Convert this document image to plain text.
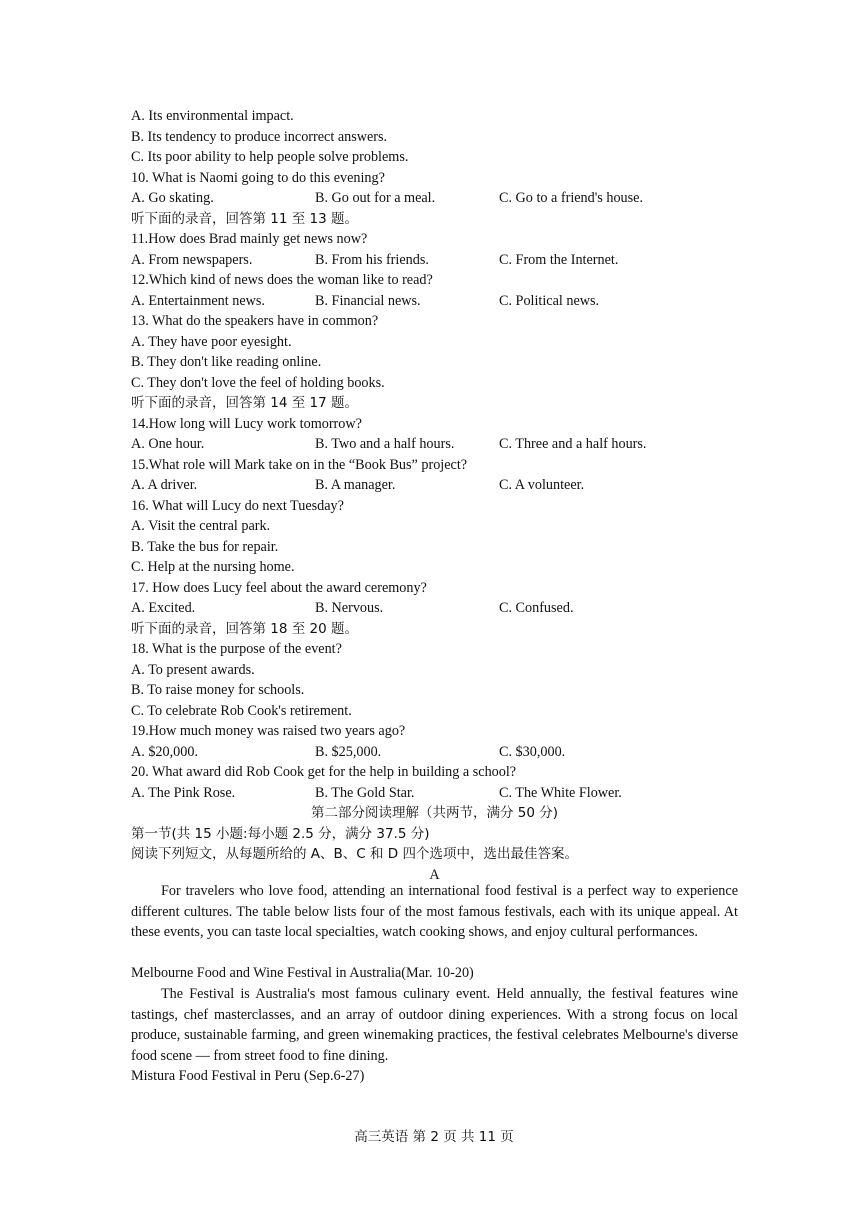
A. Its environmental impact.
B. Its tendency to produce incorrect answers.
C. Its poor ability to help people solve problems.
10. What is Naomi going to do this evening?
A. Go skating.	B. Go out for a meal.	C. Go to a friend's house.
听下面的录音，回答第 11 至 13 题。
11.How does Brad mainly get news now?
A. From newspapers.	B. From his friends.	C. From the Internet.
12.Which kind of news does the woman like to read?
A. Entertainment news.	B. Financial news.	C. Political news.
13. What do the speakers have in common?
A. They have poor eyesight.
B. They don't like reading online.
C. They don't love the feel of holding books.
听下面的录音，回答第 14 至 17 题。
14.How long will Lucy work tomorrow?
A. One hour.	B. Two and a half hours.	C. Three and a half hours.
15.What role will Mark take on in the “Book Bus” project?
A. A driver.	B. A manager.	C. A volunteer.
16. What will Lucy do next Tuesday?
A. Visit the central park.
B. Take the bus for repair.
C. Help at the nursing home.
17. How does Lucy feel about the award ceremony?
A. Excited.	B. Nervous.	C. Confused.
听下面的录音，回答第 18 至 20 题。
18. What is the purpose of the event?
A. To present awards.
B. To raise money for schools.
C. To celebrate Rob Cook's retirement.
19.How much money was raised two years ago?
A. $20,000.	B. $25,000.	C. $30,000.
20. What award did Rob Cook get for the help in building a school?
A. The Pink Rose.	B. The Gold Star.	C. The White Flower.
第二部分阅读理解（共两节，满分 50 分)
第一节(共 15 小题:每小题 2.5 分，满分 37.5 分)
阅读下列短文，从每题所给的 A、B、C 和 D 四个选项中，选出最佳答案。
A
For travelers who love food, attending an international food festival is a perfect way to experience different cultures. The table below lists four of the most famous festivals, each with its unique appeal. At these events, you can taste local specialties, watch cooking shows, and enjoy cultural performances.
Melbourne Food and Wine Festival in Australia(Mar. 10-20)
The Festival is Australia's most famous culinary event. Held annually, the festival features wine tastings, chef masterclasses, and an array of outdoor dining experiences. With a strong focus on local produce, sustainable farming, and green winemaking practices, the festival celebrates Melbourne's diverse food scene — from street food to fine dining.
Mistura Food Festival in Peru (Sep.6-27)
高三英语 第 2 页 共 11 页
